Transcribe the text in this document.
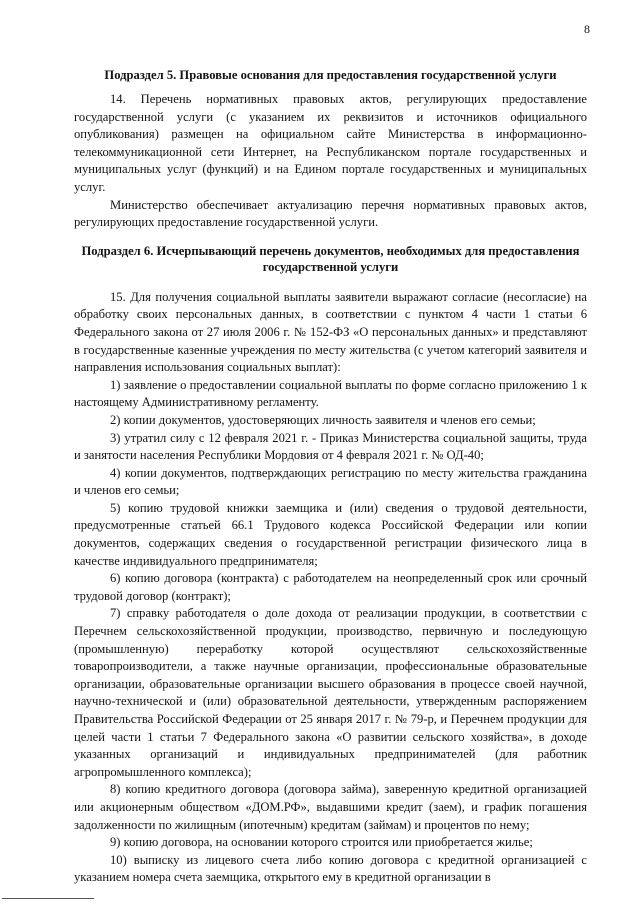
8

Подраздел 5. Правовые основания для предоставления государственной услуги

14. Перечень нормативных правовых актов, регулирующих предоставление государственной услуги (с указанием их реквизитов и источников официального опубликования) размещен на официальном сайте Министерства в информационно-телекоммуникационной сети Интернет, на Республиканском портале государственных и муниципальных услуг (функций) и на Едином портале государственных и муниципальных услуг.

Министерство обеспечивает актуализацию перечня нормативных правовых актов, регулирующих предоставление государственной услуги.

Подраздел 6. Исчерпывающий перечень документов, необходимых для предоставления государственной услуги

15. Для получения социальной выплаты заявители выражают согласие (несогласие) на обработку своих персональных данных, в соответствии с пунктом 4 части 1 статьи 6 Федерального закона от 27 июля 2006 г. № 152-ФЗ «О персональных данных» и представляют в государственные казенные учреждения по месту жительства (с учетом категорий заявителя и направления использования социальных выплат):

1) заявление о предоставлении социальной выплаты по форме согласно приложению 1 к настоящему Административному регламенту.

2) копии документов, удостоверяющих личность заявителя и членов его семьи;

3) утратил силу с 12 февраля 2021 г. - Приказ Министерства социальной защиты, труда и занятости населения Республики Мордовия от 4 февраля 2021 г. № ОД-40;

4) копии документов, подтверждающих регистрацию по месту жительства гражданина и членов его семьи;

5) копию трудовой книжки заемщика и (или) сведения о трудовой деятельности, предусмотренные статьей 66.1 Трудового кодекса Российской Федерации или копии документов, содержащих сведения о государственной регистрации физического лица в качестве индивидуального предпринимателя;

6) копию договора (контракта) с работодателем на неопределенный срок или срочный трудовой договор (контракт);

7) справку работодателя о доле дохода от реализации продукции, в соответствии с Перечнем сельскохозяйственной продукции, производство, первичную и последующую (промышленную) переработку которой осуществляют сельскохозяйственные товаропроизводители, а также научные организации, профессиональные образовательные организации, образовательные организации высшего образования в процессе своей научной, научно-технической и (или) образовательной деятельности, утвержденным распоряжением Правительства Российской Федерации от 25 января 2017 г. № 79-р, и Перечнем продукции для целей части 1 статьи 7 Федерального закона «О развитии сельского хозяйства», в доходе указанных организаций и индивидуальных предпринимателей (для работник агропромышленного комплекса);

8) копию кредитного договора (договора займа), заверенную кредитной организацией или акционерным обществом «ДОМ.РФ», выдавшими кредит (заем), и график погашения задолженности по жилищным (ипотечным) кредитам (займам) и процентов по нему;

9) копию договора, на основании которого строится или приобретается жилье;

10) выписку из лицевого счета либо копию договора с кредитной организацией с указанием номера счета заемщика, открытого ему в кредитной организации в
